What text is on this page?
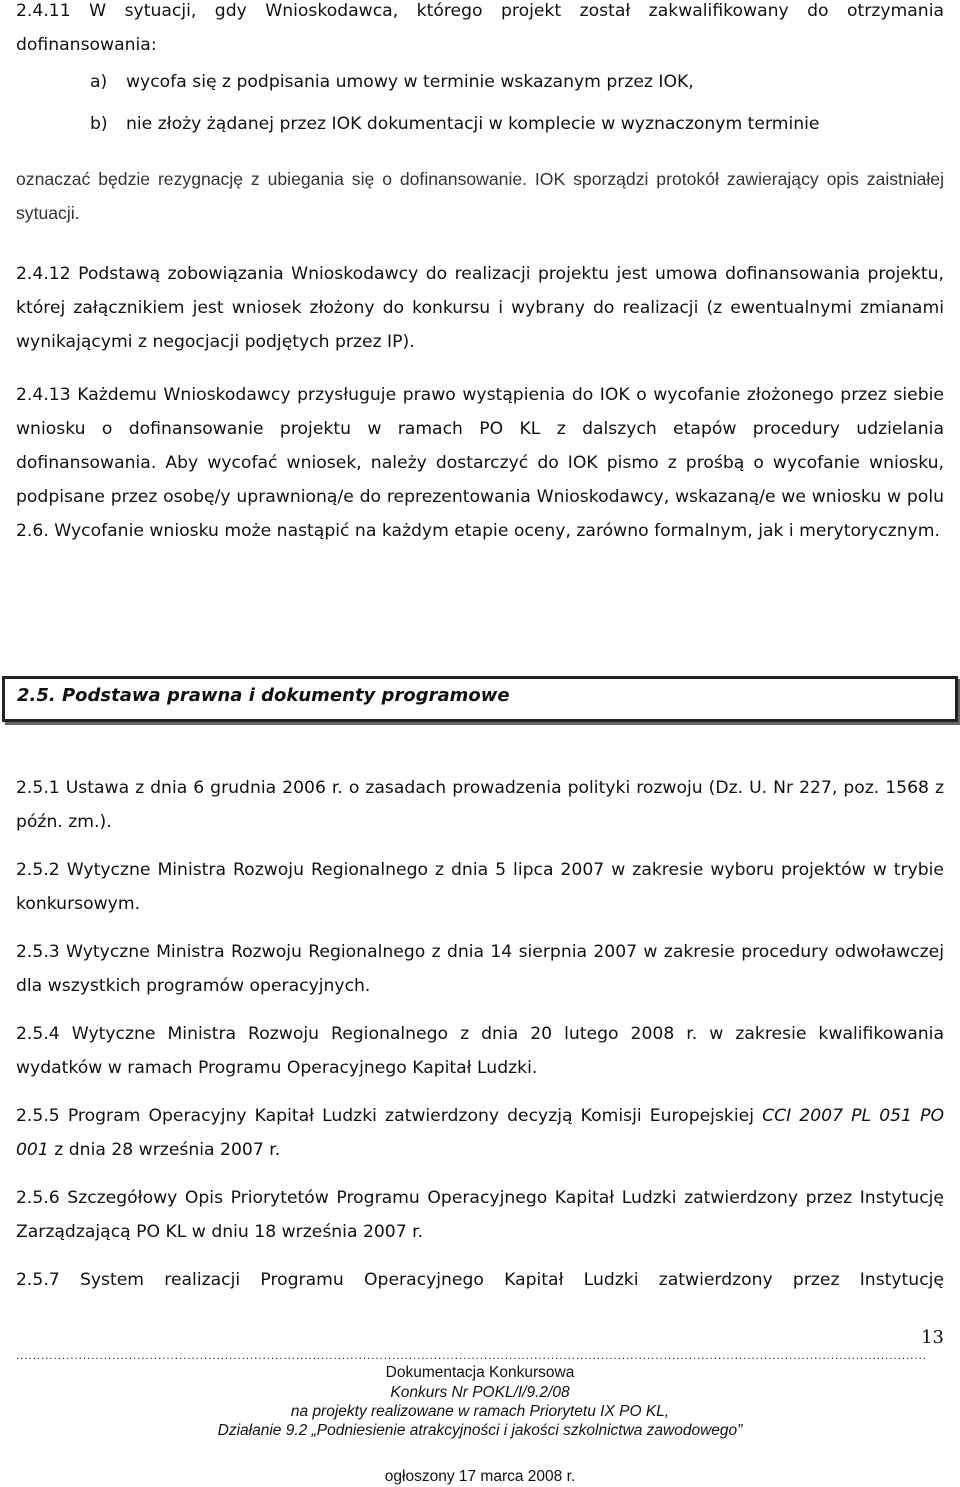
2.4.11 W sytuacji, gdy Wnioskodawca, którego projekt został zakwalifikowany do otrzymania

dofinansowania:

a) wycofa się z podpisania umowy w terminie wskazanym przez IOK,
b) nie złoży żądanej przez IOK dokumentacji w komplecie w wyznaczonym terminie

oznaczać będzie rezygnację z ubiegania się o dofinansowanie. IOK sporządzi protokół zawierający opis zaistniałej sytuacji.

2.4.12 Podstawą zobowiązania Wnioskodawcy do realizacji projektu jest umowa dofinansowania projektu, której załącznikiem jest wniosek złożony do konkursu i wybrany do realizacji (z ewentualnymi zmianami wynikającymi z negocjacji podjętych przez IP).

2.4.13 Każdemu Wnioskodawcy przysługuje prawo wystąpienia do IOK o wycofanie złożonego przez siebie wniosku o dofinansowanie projektu w ramach PO KL z dalszych etapów procedury udzielania dofinansowania. Aby wycofać wniosek, należy dostarczyć do IOK pismo z prośbą o wycofanie wniosku, podpisane przez osobę/y uprawnioną/e do reprezentowania Wnioskodawcy, wskazaną/e we wniosku w polu 2.6. Wycofanie wniosku może nastąpić na każdym etapie oceny, zarówno formalnym, jak i merytorycznym.

2.5. Podstawa prawna i dokumenty programowe

2.5.1 Ustawa z dnia 6 grudnia 2006 r. o zasadach prowadzenia polityki rozwoju (Dz. U. Nr 227, poz. 1568 z późn. zm.).

2.5.2 Wytyczne Ministra Rozwoju Regionalnego z dnia 5 lipca 2007 w zakresie wyboru projektów w trybie konkursowym.

2.5.3 Wytyczne Ministra Rozwoju Regionalnego z dnia 14 sierpnia 2007 w zakresie procedury odwoławczej dla wszystkich programów operacyjnych.

2.5.4 Wytyczne Ministra Rozwoju Regionalnego z dnia 20 lutego 2008 r. w zakresie kwalifikowania wydatków w ramach Programu Operacyjnego Kapitał Ludzki.

2.5.5 Program Operacyjny Kapitał Ludzki zatwierdzony decyzją Komisji Europejskiej CCI 2007 PL 051 PO 001 z dnia 28 września 2007 r.

2.5.6 Szczegółowy Opis Priorytetów Programu Operacyjnego Kapitał Ludzki zatwierdzony przez Instytucję Zarządzającą PO KL w dniu 18 września 2007 r.

2.5.7 System realizacji Programu Operacyjnego Kapitał Ludzki zatwierdzony przez Instytucję

13
..........................................................................................................................................................................................................................
Dokumentacja Konkursowa
Konkurs Nr POKL/I/9.2/08
na projekty realizowane w ramach Priorytetu IX PO KL,
Działanie 9.2 „Podniesienie atrakcyjności i jakości szkolnictwa zawodowego”
ogłoszony 17 marca 2008 r.
